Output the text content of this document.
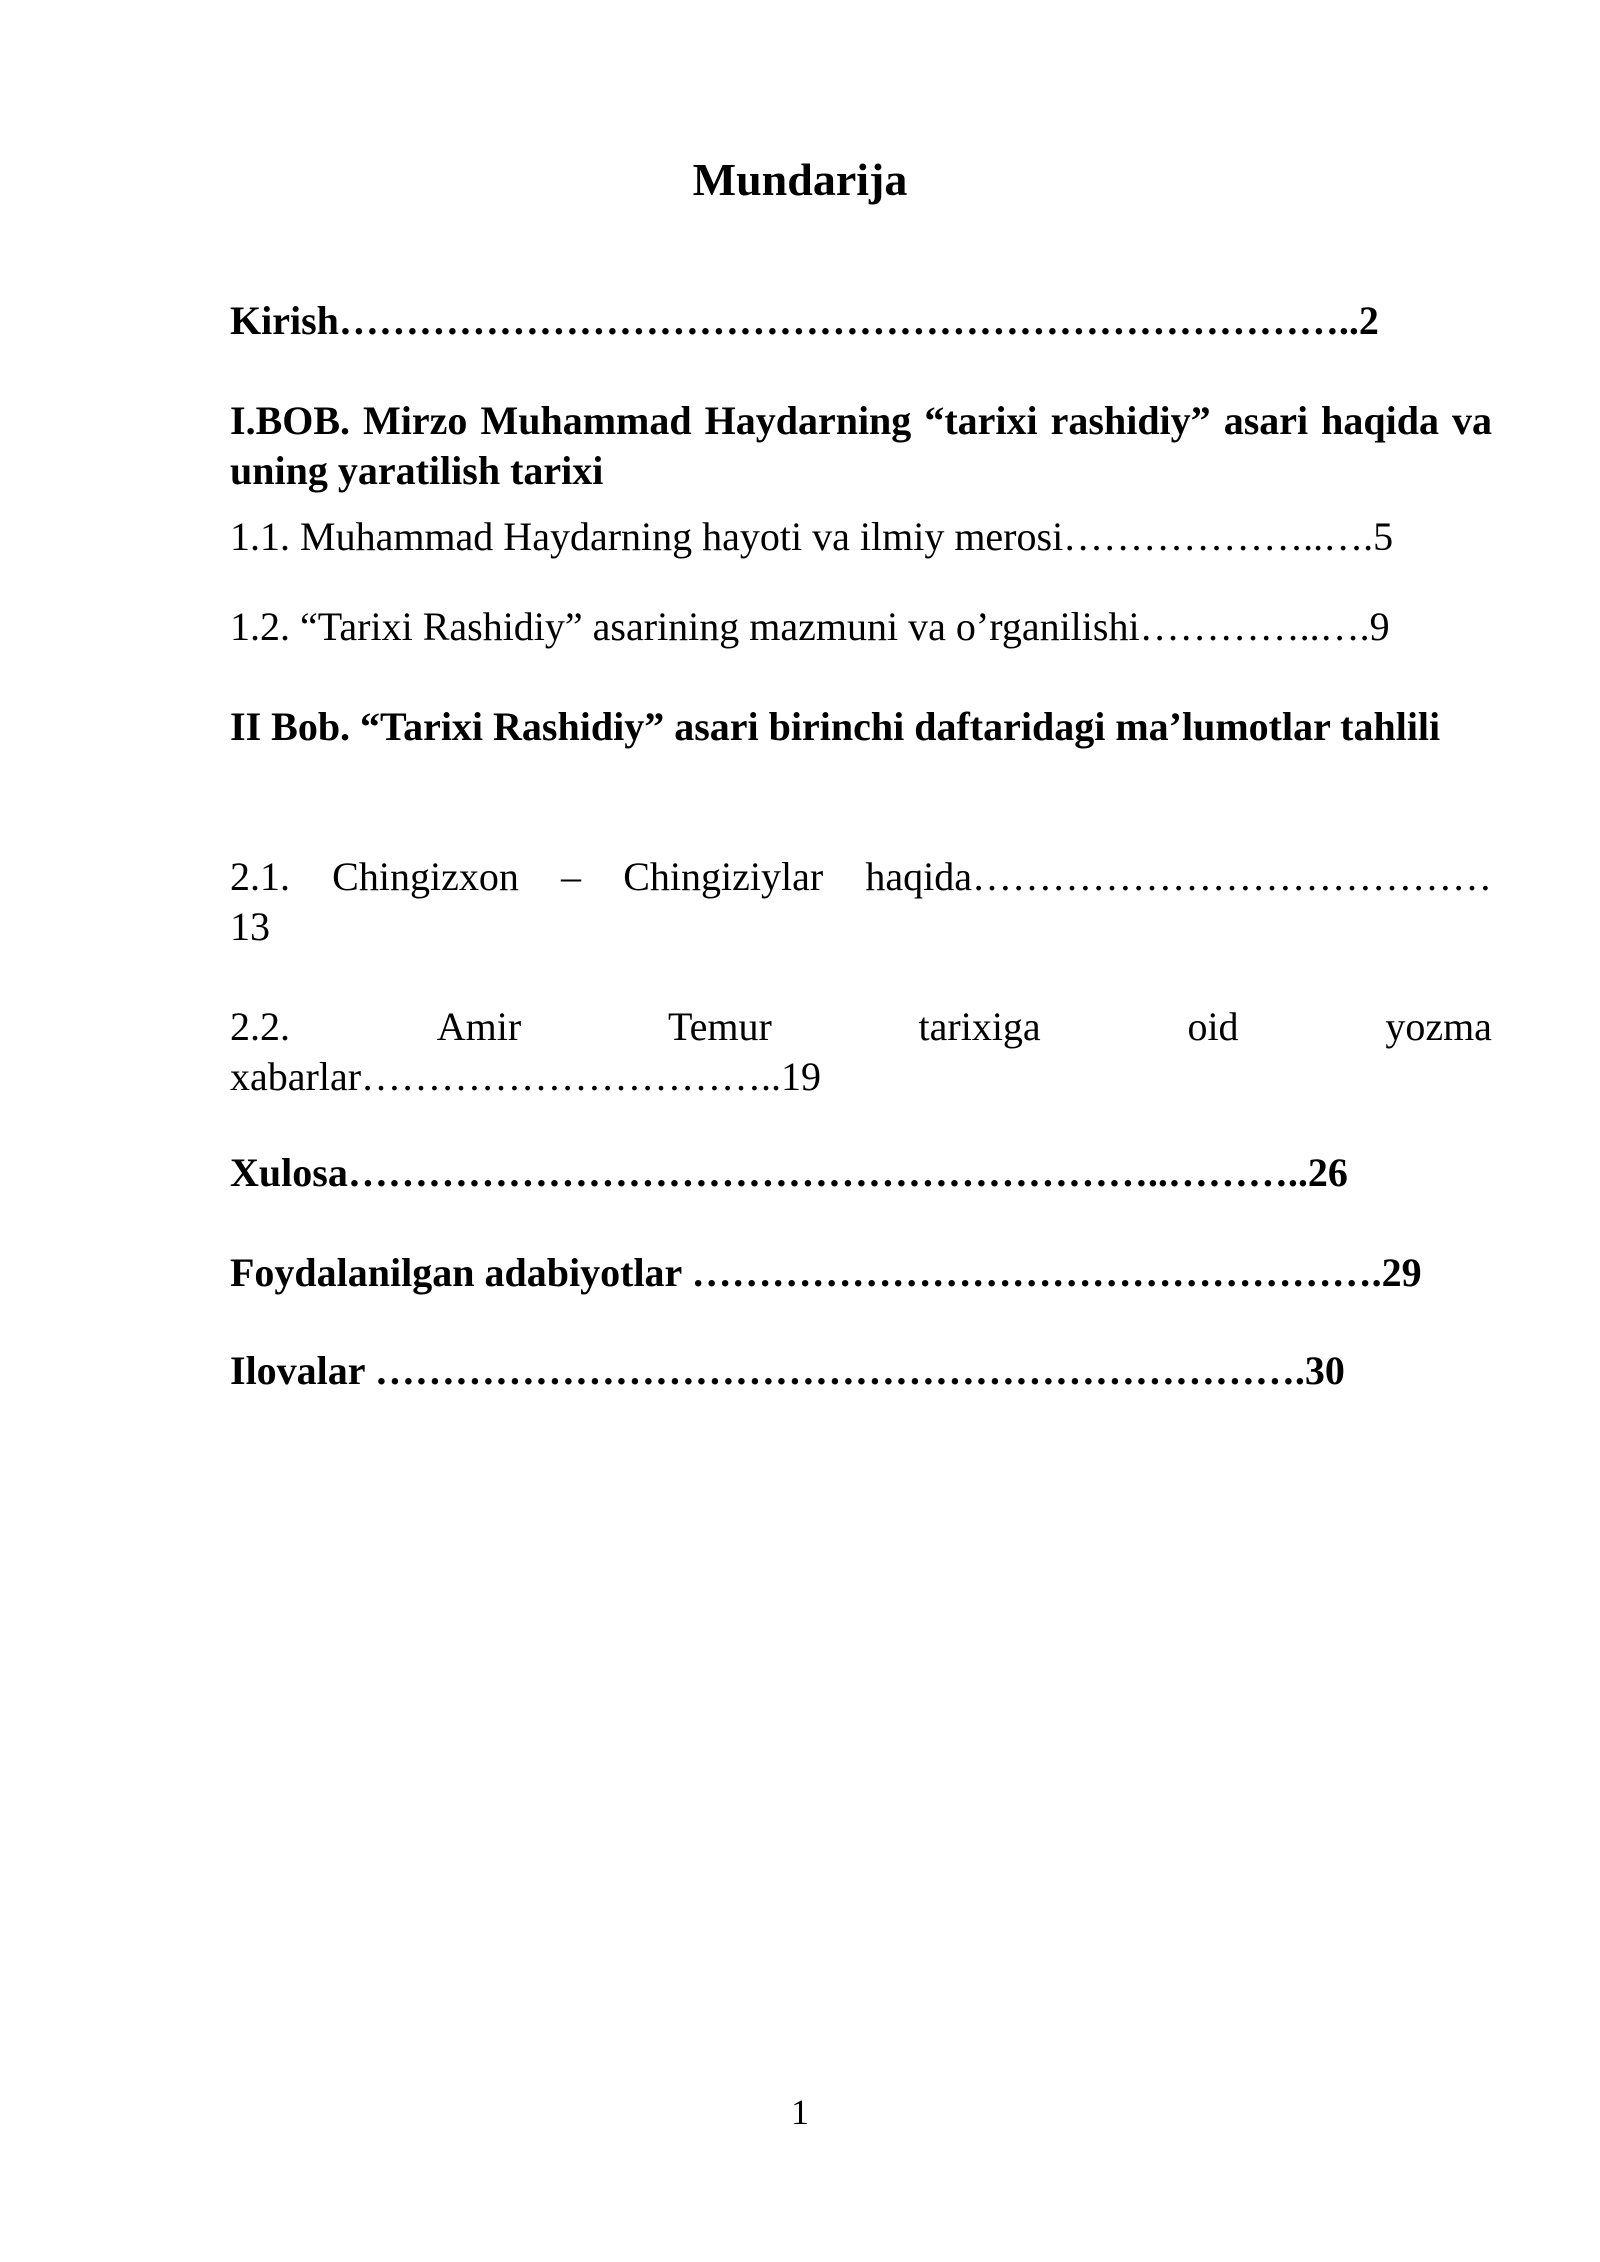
Mundarija
Kirish…………………………………………………………………..2
I.BOB. Mirzo Muhammad Haydarning “tarixi rashidiy” asari haqida va uning yaratilish tarixi
1.1. Muhammad Haydarning hayoti va ilmiy merosi………………..….5
1.2. “Tarixi Rashidiy” asarining mazmuni va o’rganilishi…………..….9
II Bob. “Tarixi Rashidiy” asari birinchi daftaridagi ma’lumotlar tahlili
2.1. Chingizxon – Chingiziylar haqida…………………………………
13
2.2.	Amir	Temur	tarixiga	oid	yozma
xabarlar…………………………..19
Xulosa……………………………………………………..………..26
Foydalanilgan adabiyotlar …………………………………………….29
Ilovalar …………………………………………………………….30
1
